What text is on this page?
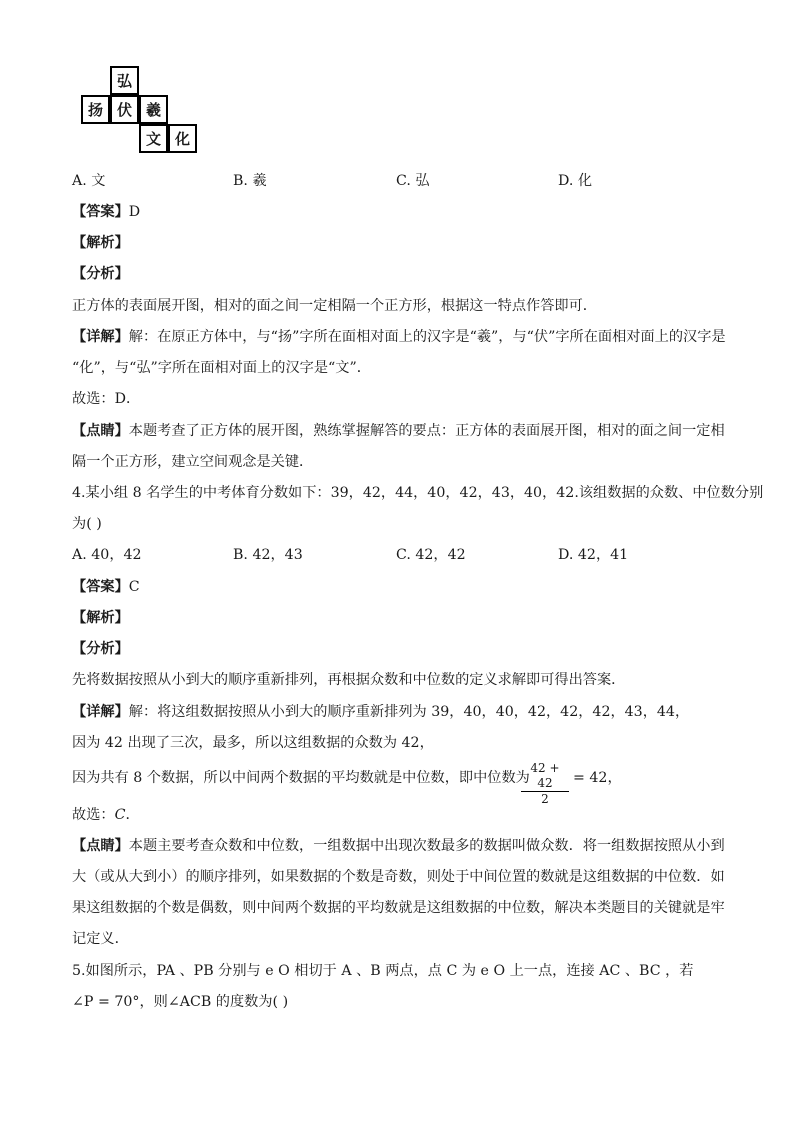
弘
扬 伏 羲
文 化
A. 文	B. 羲	C. 弘	D. 化
【答案】D
【解析】
【分析】
正方体的表面展开图，相对的面之间一定相隔一个正方形，根据这一特点作答即可．
【详解】解：在原正方体中，与“扬”字所在面相对面上的汉字是“羲”，与“伏”字所在面相对面上的汉字是
“化”，与“弘”字所在面相对面上的汉字是“文”．
故选：D．
【点睛】本题考查了正方体的展开图，熟练掌握解答的要点：正方体的表面展开图，相对的面之间一定相
隔一个正方形，建立空间观念是关键．
4.某小组 8 名学生的中考体育分数如下：39，42，44，40，42，43，40，42.该组数据的众数、中位数分别
为( )
A. 40，42	B. 42，43	C. 42，42	D. 42，41
【答案】C
【解析】
【分析】
先将数据按照从小到大的顺序重新排列，再根据众数和中位数的定义求解即可得出答案．
【详解】解：将这组数据按照从小到大的顺序重新排列为 39，40，40，42，42，42，43，44，
因为 42 出现了三次，最多，所以这组数据的众数为 42，
因为共有 8 个数据，所以中间两个数据的平均数就是中位数，即中位数为
$\frac{42 + 42}{2} = 42$，
故选：C．
【点睛】本题主要考查众数和中位数，一组数据中出现次数最多的数据叫做众数．将一组数据按照从小到
大（或从大到小）的顺序排列，如果数据的个数是奇数，则处于中间位置的数就是这组数据的中位数．如
果这组数据的个数是偶数，则中间两个数据的平均数就是这组数据的中位数，解决本类题目的关键就是牢
记定义．
5.如图所示，PA 、PB 分别与 e O 相切于 A 、B 两点，点 C 为 e O 上一点，连接 AC 、BC ，若
∠P = 70°，则∠ACB 的度数为( )
